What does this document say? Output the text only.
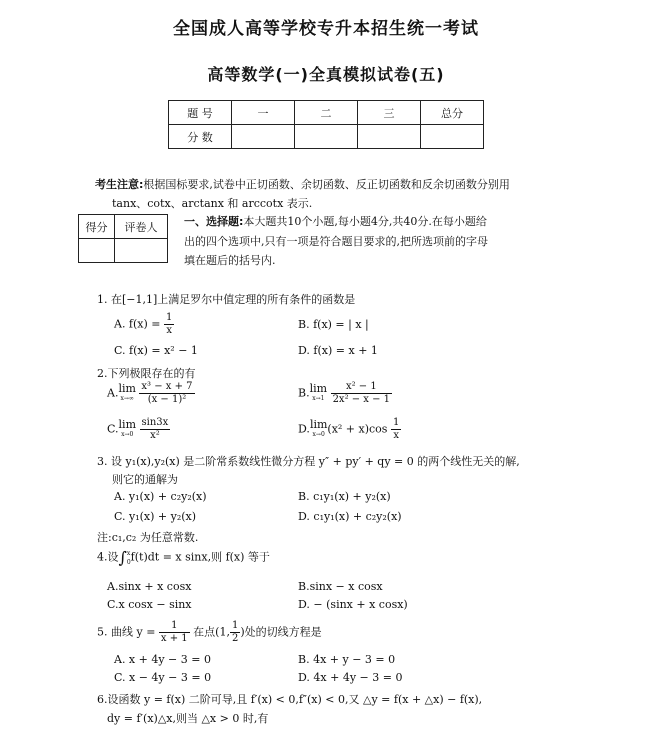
全国成人高等学校专升本招生统一考试
高等数学(一)全真模拟试卷(五)
题 号	一	二	三	总分
分 数				
考生注意:根据国标要求,试卷中正切函数、余切函数、反正切函数和反余切函数分别用
tanx、cotx、arctanx 和 arccotx 表示.
得分	评卷人
	一、选择题:本大题共10个小题,每小题4分,共40分.在每小题给
出的四个选项中,只有一项是符合题目要求的,把所选项前的字母
填在题后的括号内.
1. 在[−1,1]上满足罗尔中值定理的所有条件的函数是
A. $f(x) = \frac{1}{x}$	B. f(x) = | x |
C. f(x) = x² − 1	D. f(x) = x + 1
2.下列极限存在的有
A.lim
x→∞
$\frac{\text{x³ − x + 7}}{\text{(x − 1)²}}$	B.lim
x→1
$\frac{\text{x² − 1}}{\text{2x² − x − 1}}$
C.lim
x→0
$\frac{\sin 3x}{\text{x²}}$	D.lim
x→0 $(x^2 + x)\cos \frac{1}{x}$
3. 设 y₁(x),y₂(x) 是二阶常系数线性微分方程 y″ + py′ + qy = 0 的两个线性无关的解,
则它的通解为
A. y₁(x) + c₂y₂(x)	B. c₁y₁(x) + y₂(x)
C. y₁(x) + y₂(x)	D. c₁y₁(x) + c₂y₂(x)
注:c₁,c₂ 为任意常数.
4.设∫ x
0 f(t)dt = x sinx,则 f(x) 等于
A.sinx + x cosx	B.sinx − x cosx
C.x cosx − sinx	D. − (sinx + x cosx)
5. 曲线 $y = \frac{1}{x + 1}$ 在点(1, $\frac{1}{2}$ )处的切线方程是
A. x + 4y − 3 = 0	B. 4x + y − 3 = 0
C. x − 4y − 3 = 0	D. 4x + 4y − 3 = 0
6.设函数 y = f(x) 二阶可导,且 f′(x) < 0,f″(x) < 0,又 △y = f(x + △x) − f(x),
dy = f′(x)△x,则当 △x > 0 时,有
